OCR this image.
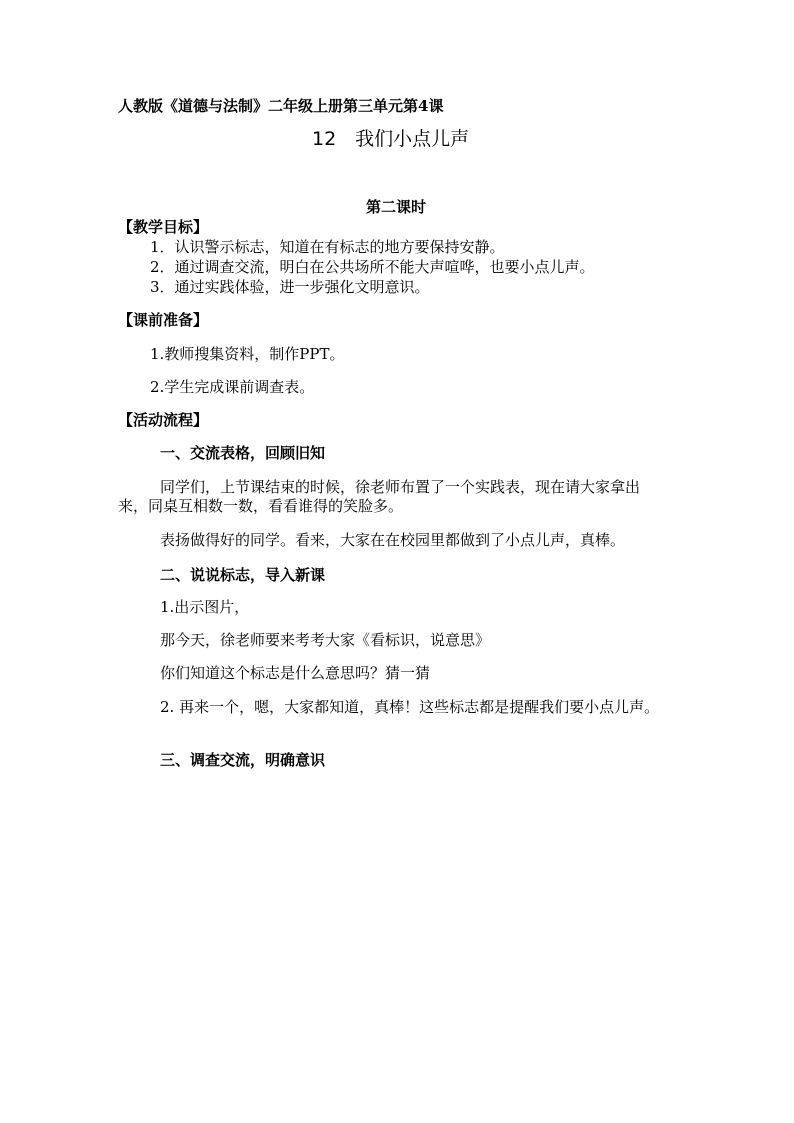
人教版《道德与法制》二年级上册第三单元第4课
12　我们小点儿声
第二课时
【教学目标】
1．认识警示标志，知道在有标志的地方要保持安静。
2．通过调查交流，明白在公共场所不能大声喧哗，也要小点儿声。
3．通过实践体验，进一步强化文明意识。
【课前准备】
1.教师搜集资料，制作PPT。
2.学生完成课前调查表。
【活动流程】
一、交流表格，回顾旧知
同学们，上节课结束的时候，徐老师布置了一个实践表，现在请大家拿出
来，同桌互相数一数，看看谁得的笑脸多。
表扬做得好的同学。看来，大家在在校园里都做到了小点儿声，真棒。
二、说说标志，导入新课
1.出示图片，
那今天，徐老师要来考考大家《看标识，说意思》
你们知道这个标志是什么意思吗？猜一猜
2. 再来一个，嗯，大家都知道，真棒！这些标志都是提醒我们要小点儿声。
三、调查交流，明确意识
